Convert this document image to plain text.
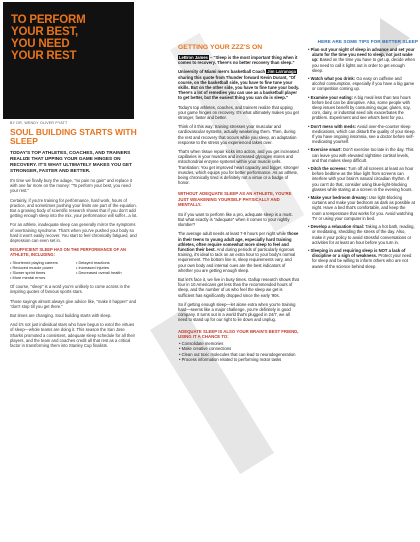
TO PERFORM
YOUR BEST,
YOU NEED
YOUR REST
BY DR. WENDY OLIVER PYATT
SOUL BUILDING STARTS WITH SLEEP
TODAY'S TOP ATHLETES, COACHES, AND TRAINERS REALIZE THAT UPPING YOUR GAME HINGES ON RECOVERY. IT'S WHAT ULTIMATELY MAKES YOU GET STRONGER, FASTER AND BETTER.
It's time we finally bury the adage, "no pain no gain" and replace it with one far more on the money: "To perform your best, you need your rest."
Certainly, if you're training for performance, hard work, hours of practice, and sometimes pushing your limits are part of the equation. But a growing body of scientific research shows that if you don't add getting enough sleep into the mix, your performance will suffer...a lot.
For an athlete, inadequate sleep can generally mirror the symptoms of overtraining syndrome. That's when you've pushed your body so hard it won't easily recover. You start to feel chronically fatigued, and depression can even set in.
INSUFFICIENT SLEEP HAS ON THE PERFORMANCE OF AN ATHLETE, INCLUDING:
• Shortened playing careers	• Delayed reactions
• Reduced muscle power	• Increased injuries
• Slower sprint times	• Decreased overall health
• More mental errors
Of course, "sleep" is a word you're unlikely to come across in the inspiring quotes of famous sports stars.
Those sayings almost always give advice like, "make it happen" and "don't stop till you get there."
But times are changing. Soul building starts with sleep.
And it's not just individual stars who have begun to extol the virtues of sleep—whole teams are doing it. This season the San Jose Sharks promoted a consistent, adequate sleep schedule for all their players, and the team and coaches credit all that rest as a critical factor in transforming them into Stanley Cup finalists.
GETTING YOUR ZZZ'S ON
LeBron James – "Sleep is the most important thing when it comes to recovery. There's no better recovery than sleep."
University of Miami men's basketball Coach Jim Larranaga sharing this quote from Thunder forward Kevin Durant, "Of course, on the basketball side, you have to fine tune your skills. But on the other side, you have to fine tune your body. There's a lot of remedies you can use as a basketball player to get better, but the easiest thing you can do is sleep."
Today's top athletes, coaches, and trainers realize that upping your game hinges on recovery. It's what ultimately makes you get stronger, faster and better.
Think of it this way: training stresses your muscular and cardiovascular systems, actually weakening them. Then, during the rest and recovery that occurs while you sleep, an adaptation response to the stress you experienced takes over.
That's when tissue repair kicks into action, and you get increased capillaries in your muscles and increased glycogen stores and mitochondrial enzyme systems within your muscle cells. Translation: You get improved heart capacity and bigger, stronger muscles, which equips you for better performance. As an athlete, being chronically tired is definitely not a virtue or a badge of honor.
WITHOUT ADEQUATE SLEEP AS AN ATHLETE, YOU'RE JUST WEAKENING YOURSELF PHYSICALLY AND MENTALLY.
So if you want to perform like a pro, adequate sleep is a must. But what exactly is "adequate" when it comes to your nightly slumber?
The average adult needs at least 7-9 hours per night while those in their teens to young adult age, especially hard training athletes, often require somewhat more sleep to feel and function their best. And during periods of particularly rigorous training, it's ideal to tack on an extra hour to your body's normal requirement. The bottom line is, sleep requirements vary, and your own body and internal cues are the best indicators of whether you are getting enough sleep.
But let's face it, we live in busy times. Gallup research shows that four in 10 Americans get less than the recommended hours of sleep, and the number of us who feel the sleep we get is sufficient has significantly dropped since the early '90s.
So if getting enough sleep—let alone extra when you're training hard—seems like a major challenge, you're definitely in good company. It turns out in a world that's plugged in 24/7, we all need to stand up for our right to lie down and unplug.
ADEQUATE SLEEP IS ALSO YOUR BRAIN'S BEST FRIEND, USING IT A CHANCE TO:
• Consolidate memories
• Make creative connections
• Clean out toxic molecules that can lead to neurodegeneration
• Process information related to performing motor tasks
HERE ARE SOME TIPS FOR BETTER SLEEP
• Plan out your night of sleep in advance and set your alarm for the time you need to sleep, not just wake up: Based on the time you have to get up, decide when you need to call it lights out in order to get enough sleep.
• Watch what you drink: Go easy on caffeine and alcohol consumption, especially if you have a big game or competition coming up.
• Examine your eating: A big meal less than two hours before bed can be disruptive. Also, some people with sleep issues benefit by consuming sugar, gluten, soy, corn, dairy, or industrial seed oils exacerbates the problem. Experiment and see what's best for you.
• Don't mess with meds: Avoid over-the-counter sleep medications, which can disturb the quality of your sleep. If you have ongoing insomnia, see a doctor before self-medicating yourself.
• Exercise smart: Don't exercise too late in the day. This can leave you with elevated nighttime cortisol levels, and that makes sleep difficult.
• Ditch the screens: Turn off all screens at least an hour before bedtime as the blue light from screens can interfere with your brain's natural circadian rhythm. If you can't do that, consider using blue-light-blocking glasses while staring at a screen in the evening hours.
• Make your bedroom dreamy: Use light-blocking curtains and make your bedroom as dark as possible at night. Have a bed that's comfortable, and keep the room a temperature that works for you. Avoid watching TV or using your computer in bed.
• Develop a relaxation ritual: Taking a hot bath, reading, or meditating, shedding the stress of the day. Also, make it your policy to avoid stressful conversations or activities for at least an hour before you turn in.
• Sleeping in and requiring sleep is NOT a lack of discipline or a sign of weakness. Protect your need for sleep and be willing to inform others who are not aware of the science behind sleep.
